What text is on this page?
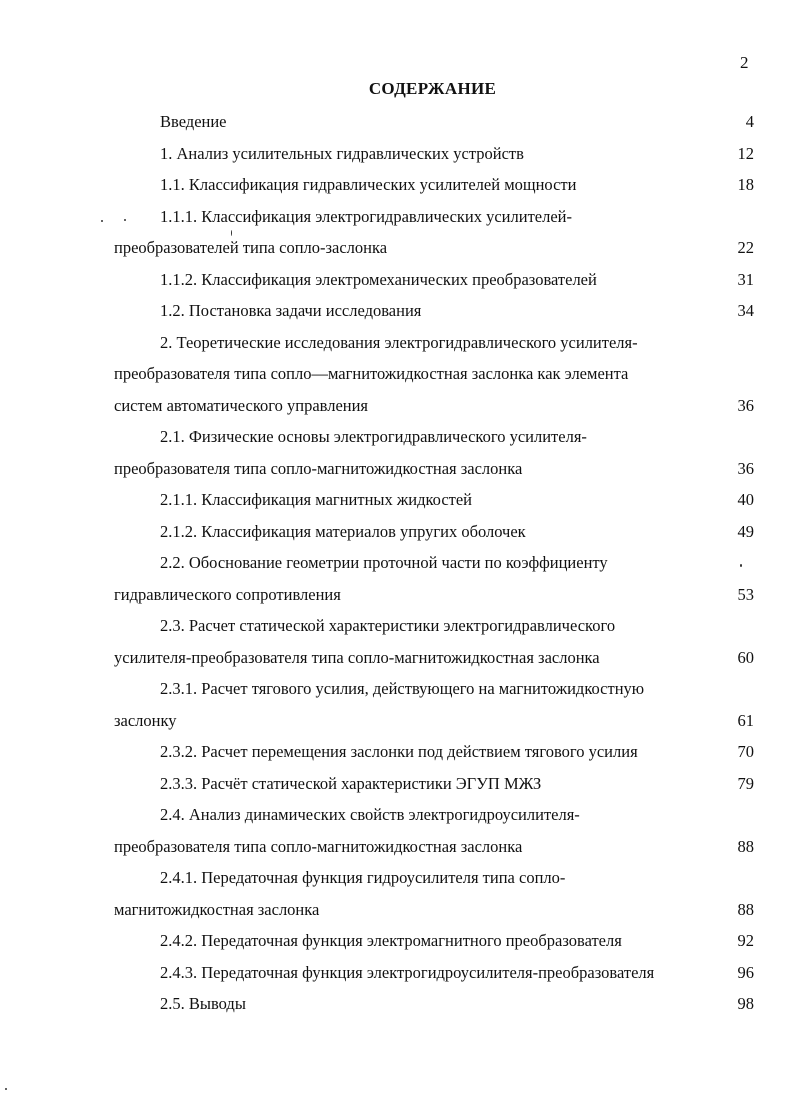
2
СОДЕРЖАНИЕ
Введение	4
1. Анализ усилительных гидравлических устройств	12
1.1. Классификация гидравлических усилителей мощности	18
1.1.1. Классификация электрогидравлических усилителей-
преобразователей типа сопло-заслонка	22
1.1.2. Классификация электромеханических преобразователей	31
1.2. Постановка задачи исследования	34
2. Теоретические исследования электрогидравлического усилителя-
преобразователя типа сопло—магнитожидкостная заслонка как элемента
систем автоматического управления	36
2.1. Физические основы электрогидравлического усилителя-
преобразователя типа сопло-магнитожидкостная заслонка	36
2.1.1. Классификация магнитных жидкостей	40
2.1.2. Классификация материалов упругих оболочек	49
2.2. Обоснование геометрии проточной части по коэффициенту
гидравлического сопротивления	53
2.3. Расчет статической характеристики электрогидравлического
усилителя-преобразователя типа сопло-магнитожидкостная заслонка	60
2.3.1. Расчет тягового усилия, действующего на магнитожидкостную
заслонку	61
2.3.2. Расчет перемещения заслонки под действием тягового усилия	70
2.3.3. Расчёт статической характеристики ЭГУП МЖЗ	79
2.4. Анализ динамических свойств электрогидроусилителя-
преобразователя типа сопло-магнитожидкостная заслонка	88
2.4.1. Передаточная функция гидроусилителя типа сопло-
магнитожидкостная заслонка	88
2.4.2. Передаточная функция электромагнитного преобразователя	92
2.4.3. Передаточная функция электрогидроусилителя-преобразователя	96
2.5. Выводы	98
